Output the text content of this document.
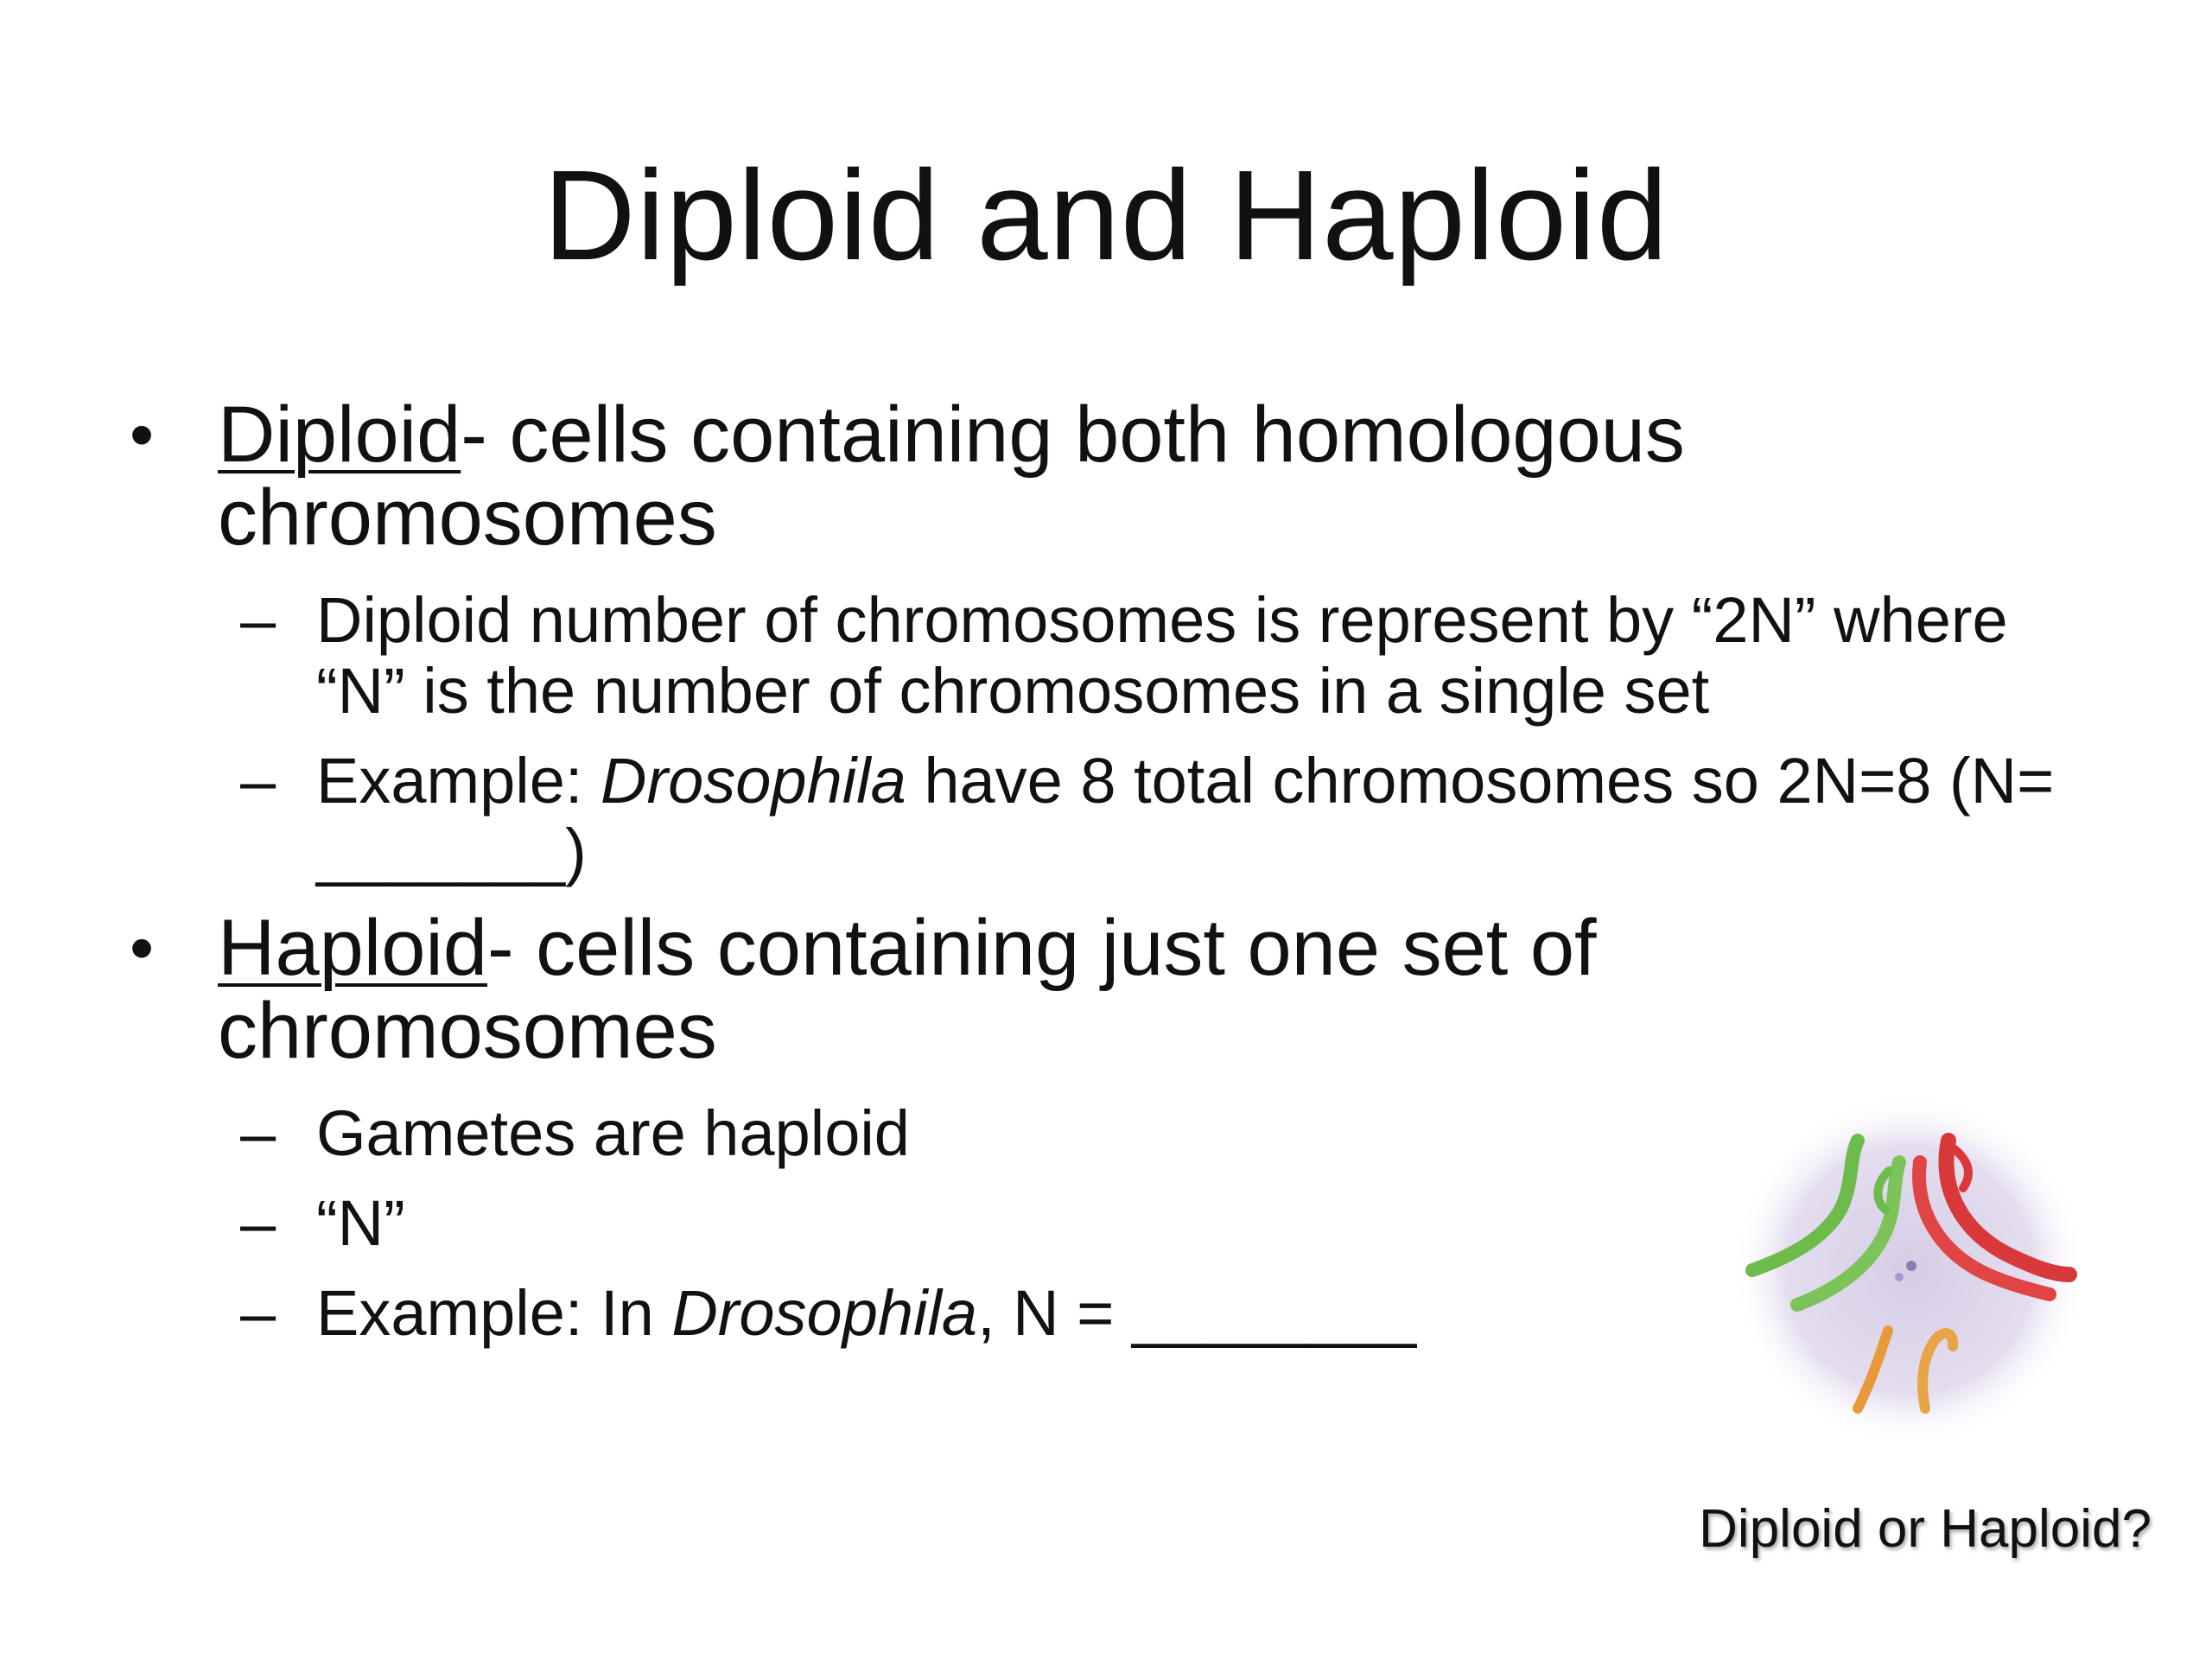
Diploid and Haploid
• Diploid- cells containing both homologous chromosomes
– Diploid number of chromosomes is represent by “2N” where “N” is the number of chromosomes in a single set
– Example: Drosophila have 8 total chromosomes so 2N=8 (N= _______)
• Haploid- cells containing just one set of chromosomes
– Gametes are haploid
– “N”
– Example: In Drosophila, N = ________
Diploid or Haploid?
